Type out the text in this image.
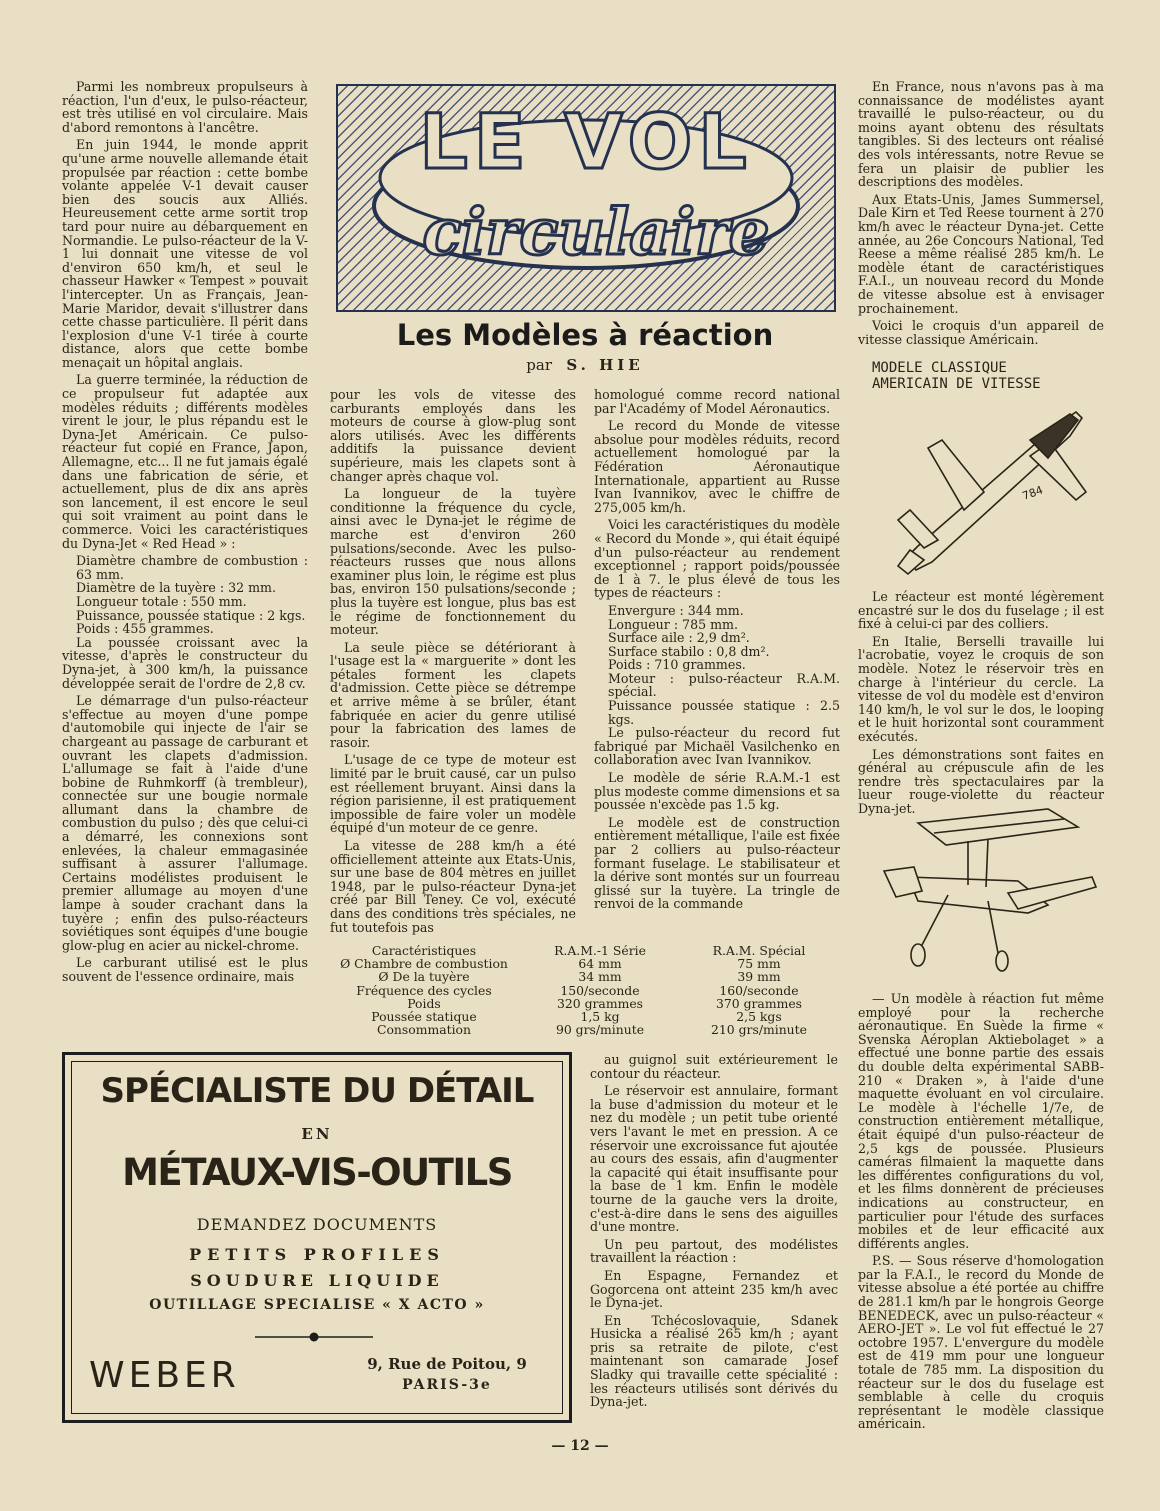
LE VOL
circulaire
Les Modèles à réaction
par S. HIE

Parmi les nombreux propulseurs à réaction, l'un d'eux, le pulso-réacteur, est très utilisé en vol circulaire. Mais d'abord remontons à l'ancêtre.

En juin 1944, le monde apprit qu'une arme nouvelle allemande était propulsée par réaction : cette bombe volante appelée V-1 devait causer bien des soucis aux Alliés. Heureusement cette arme sortit trop tard pour nuire au débarquement en Normandie. Le pulso-réacteur de la V-1 lui donnait une vitesse de vol d'environ 650 km/h, et seul le chasseur Hawker « Tempest » pouvait l'intercepter. Un as Français, Jean-Marie Maridor, devait s'illustrer dans cette chasse particulière. Il périt dans l'explosion d'une V-1 tirée à courte distance, alors que cette bombe menaçait un hôpital anglais.

La guerre terminée, la réduction de ce propulseur fut adaptée aux modèles réduits ; différents modèles virent le jour, le plus répandu est le Dyna-Jet Américain. Ce pulso-réacteur fut copié en France, Japon, Allemagne, etc... Il ne fut jamais égalé dans une fabrication de série, et actuellement, plus de dix ans après son lancement, il est encore le seul qui soit vraiment au point dans le commerce. Voici les caractéristiques du Dyna-Jet « Red Head » :

Diamètre chambre de combustion : 63 mm.

Diamètre de la tuyère : 32 mm.

Longueur totale : 550 mm.

Puissance, poussée statique : 2 kgs.

Poids : 455 grammes.

La poussée croissant avec la vitesse, d'après le constructeur du Dyna-jet, à 300 km/h, la puissance développée serait de l'ordre de 2,8 cv.

Le démarrage d'un pulso-réacteur s'effectue au moyen d'une pompe d'automobile qui injecte de l'air se chargeant au passage de carburant et ouvrant les clapets d'admission. L'allumage se fait à l'aide d'une bobine de Ruhmkorff (à trembleur), connectée sur une bougie normale allumant dans la chambre de combustion du pulso ; dès que celui-ci a démarré, les connexions sont enlevées, la chaleur emmagasinée suffisant à assurer l'allumage. Certains modélistes produisent le premier allumage au moyen d'une lampe à souder crachant dans la tuyère ; enfin des pulso-réacteurs soviétiques sont équipés d'une bougie glow-plug en acier au nickel-chrome.

Le carburant utilisé est le plus souvent de l'essence ordinaire, mais

pour les vols de vitesse des carburants employés dans les moteurs de course à glow-plug sont alors utilisés. Avec les différents additifs la puissance devient supérieure, mais les clapets sont à changer après chaque vol.

La longueur de la tuyère conditionne la fréquence du cycle, ainsi avec le Dyna-jet le régime de marche est d'environ 260 pulsations/seconde. Avec les pulso-réacteurs russes que nous allons examiner plus loin, le régime est plus bas, environ 150 pulsations/seconde ; plus la tuyère est longue, plus bas est le régime de fonctionnement du moteur.

La seule pièce se détériorant à l'usage est la « marguerite » dont les pétales forment les clapets d'admission. Cette pièce se détrempe et arrive même à se brûler, étant fabriquée en acier du genre utilisé pour la fabrication des lames de rasoir.

L'usage de ce type de moteur est limité par le bruit causé, car un pulso est réellement bruyant. Ainsi dans la région parisienne, il est pratiquement impossible de faire voler un modèle équipé d'un moteur de ce genre.

La vitesse de 288 km/h a été officiellement atteinte aux Etats-Unis, sur une base de 804 mètres en juillet 1948, par le pulso-réacteur Dyna-jet créé par Bill Teney. Ce vol, exécuté dans des conditions très spéciales, ne fut toutefois pas

homologué comme record national par l'Académy of Model Aéronautics.

Le record du Monde de vitesse absolue pour modèles réduits, record actuellement homologué par la Fédération Aéronautique Internationale, appartient au Russe Ivan Ivannikov, avec le chiffre de 275,005 km/h.

Voici les caractéristiques du modèle « Record du Monde », qui était équipé d'un pulso-réacteur au rendement exceptionnel ; rapport poids/poussée de 1 à 7. le plus élevé de tous les types de réacteurs :

Envergure : 344 mm.

Longueur : 785 mm.

Surface aile : 2,9 dm².

Surface stabilo : 0,8 dm².

Poids : 710 grammes.

Moteur : pulso-réacteur R.A.M. spécial.

Puissance poussée statique : 2.5 kgs.

Le pulso-réacteur du record fut fabriqué par Michaël Vasilchenko en collaboration avec Ivan Ivannikov.

Le modèle de série R.A.M.-1 est plus modeste comme dimensions et sa poussée n'excède pas 1.5 kg.

Le modèle est de construction entièrement métallique, l'aile est fixée par 2 colliers au pulso-réacteur formant fuselage. Le stabilisateur et la dérive sont montés sur un fourreau glissé sur la tuyère. La tringle de renvoi de la commande

Caractéristiques	R.A.M.-1 Série	R.A.M. Spécial
Ø Chambre de combustion	64 mm	75 mm
Ø De la tuyère	34 mm	39 mm
Fréquence des cycles	150/seconde	160/seconde
Poids	320 grammes	370 grammes
Poussée statique	1,5 kg	2,5 kgs
Consommation	90 grs/minute	210 grs/minute

au guignol suit extérieurement le contour du réacteur.

Le réservoir est annulaire, formant la buse d'admission du moteur et le nez du modèle ; un petit tube orienté vers l'avant le met en pression. A ce réservoir une excroissance fut ajoutée au cours des essais, afin d'augmenter la capacité qui était insuffisante pour la base de 1 km. Enfin le modèle tourne de la gauche vers la droite, c'est-à-dire dans le sens des aiguilles d'une montre.

Un peu partout, des modélistes travaillent la réaction :

En Espagne, Fernandez et Gogorcena ont atteint 235 km/h avec le Dyna-jet.

En Tchécoslovaquie, Sdanek Husicka a réalisé 265 km/h ; ayant pris sa retraite de pilote, c'est maintenant son camarade Josef Sladky qui travaille cette spécialité : les réacteurs utilisés sont dérivés du Dyna-jet.

SPÉCIALISTE DU DÉTAIL
EN
MÉTAUX-VIS-OUTILS
DEMANDEZ DOCUMENTS
PETITS PROFILES
SOUDURE LIQUIDE
OUTILLAGE SPECIALISE « X ACTO »
WEBER	9, Rue de Poitou, 9
PARIS-3e

En France, nous n'avons pas à ma connaissance de modélistes ayant travaillé le pulso-réacteur, ou du moins ayant obtenu des résultats tangibles. Si des lecteurs ont réalisé des vols intéressants, notre Revue se fera un plaisir de publier les descriptions des modèles.

Aux Etats-Unis, James Summersel, Dale Kirn et Ted Reese tournent à 270 km/h avec le réacteur Dyna-jet. Cette année, au 26e Concours National, Ted Reese a même réalisé 285 km/h. Le modèle étant de caractéristiques F.A.I., un nouveau record du Monde de vitesse absolue est à envisager prochainement.

Voici le croquis d'un appareil de vitesse classique Américain.

MODELE CLASSIQUE
AMERICAIN DE VITESSE
784

Le réacteur est monté légèrement encastré sur le dos du fuselage ; il est fixé à celui-ci par des colliers.

En Italie, Berselli travaille lui l'acrobatie, voyez le croquis de son modèle. Notez le réservoir très en charge à l'intérieur du cercle. La vitesse de vol du modèle est d'environ 140 km/h, le vol sur le dos, le looping et le huit horizontal sont couramment exécutés.

Les démonstrations sont faites en général au crépuscule afin de les rendre très spectaculaires par la lueur rouge-violette du réacteur Dyna-jet.

— Un modèle à réaction fut même employé pour la recherche aéronautique. En Suède la firme « Svenska Aéroplan Aktiebolaget » a effectué une bonne partie des essais du double delta expérimental SABB-210 « Draken », à l'aide d'une maquette évoluant en vol circulaire. Le modèle à l'échelle 1/7e, de construction entièrement métallique, était équipé d'un pulso-réacteur de 2,5 kgs de poussée. Plusieurs caméras filmaient la maquette dans les différentes configurations du vol, et les films donnèrent de précieuses indications au constructeur, en particulier pour l'étude des surfaces mobiles et de leur efficacité aux différents angles.

P.S. — Sous réserve d'homologation par la F.A.I., le record du Monde de vitesse absolue a été portée au chiffre de 281.1 km/h par le hongrois George BENEDECK, avec un pulso-réacteur « AERO-JET ». Le vol fut effectué le 27 octobre 1957. L'envergure du modèle est de 419 mm pour une longueur totale de 785 mm. La disposition du réacteur sur le dos du fuselage est semblable à celle du croquis représentant le modèle classique américain.

— 12 —
